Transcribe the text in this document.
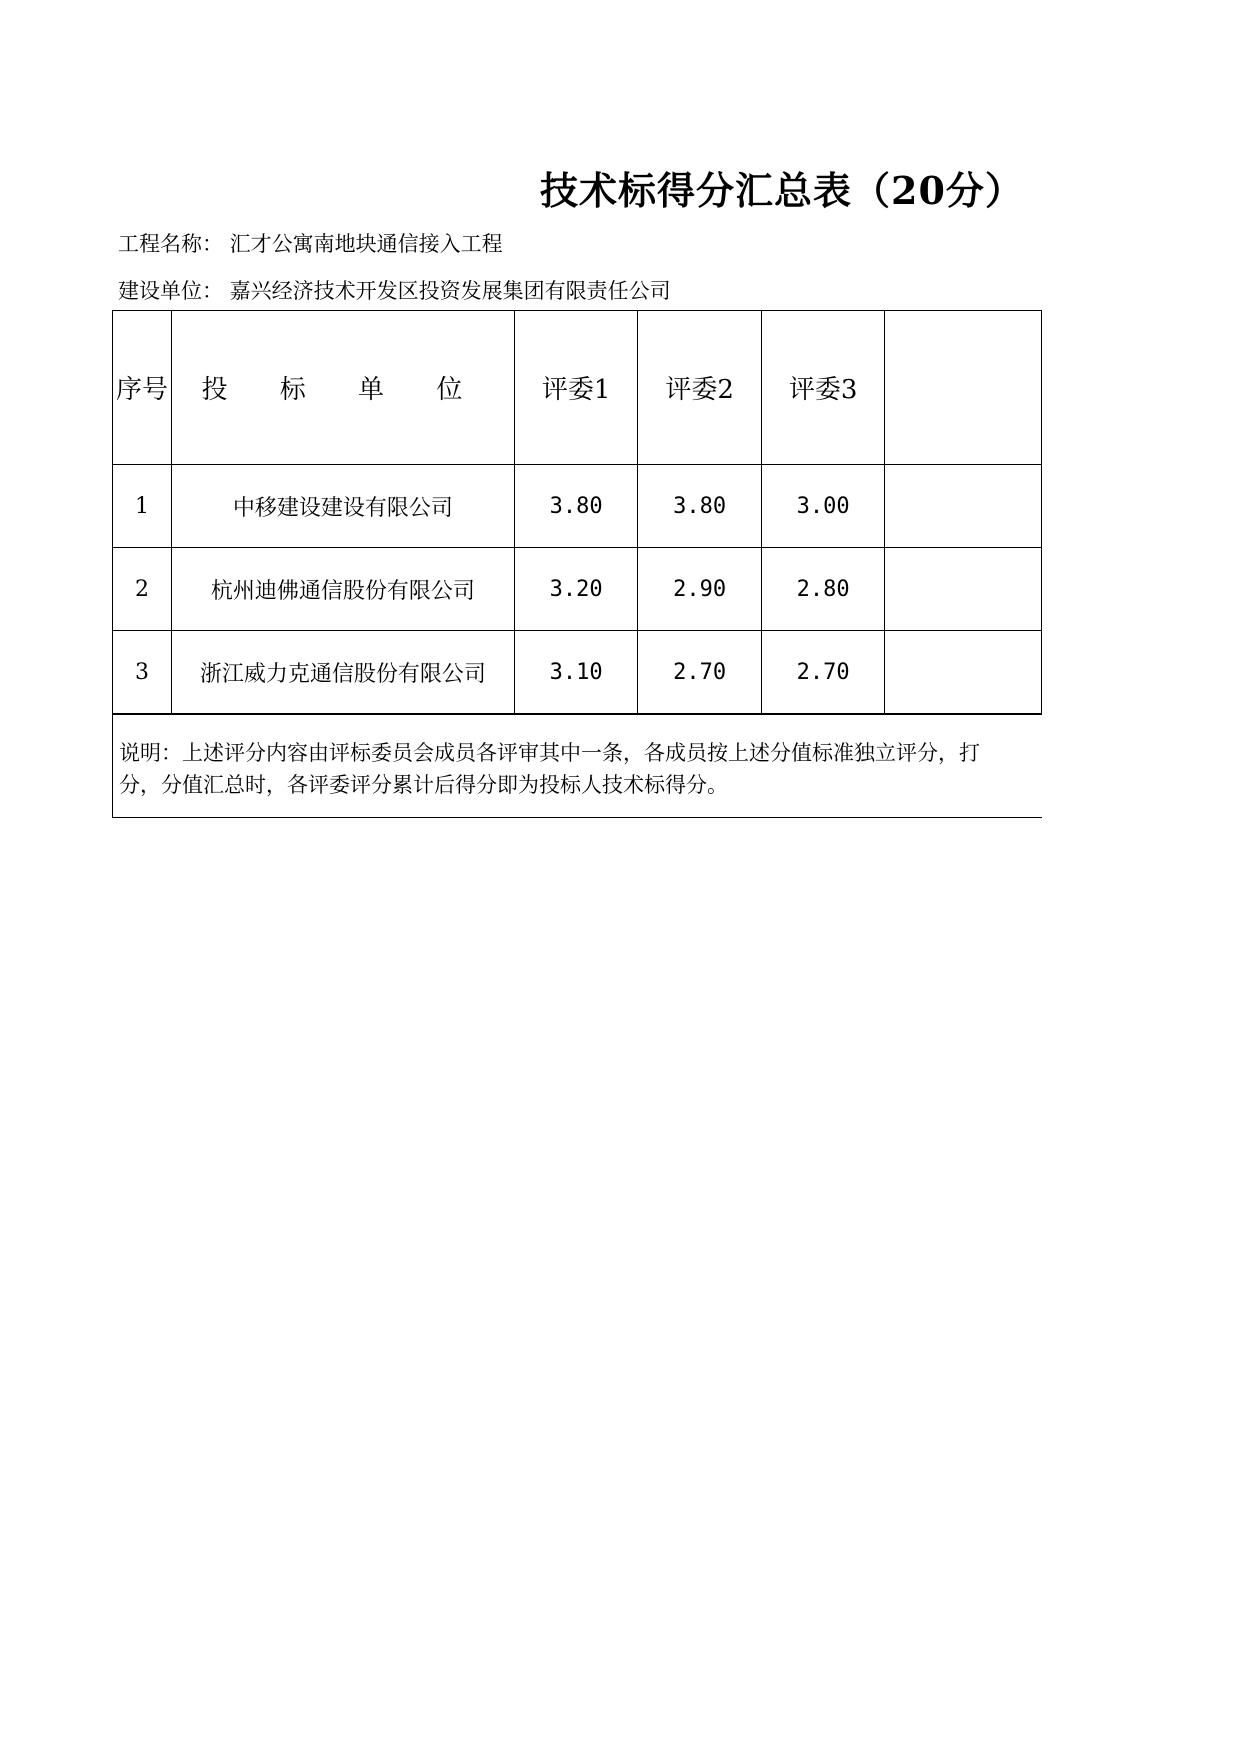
技术标得分汇总表（20分）
工程名称： 汇才公寓南地块通信接入工程
建设单位： 嘉兴经济技术开发区投资发展集团有限责任公司
序号	投 标 单 位	评委1	评委2	评委3	
1	中移建设建设有限公司	3.80	3.80	3.00	
2	杭州迪佛通信股份有限公司	3.20	2.90	2.80	
3	浙江威力克通信股份有限公司	3.10	2.70	2.70	
说明：上述评分内容由评标委员会成员各评审其中一条，各成员按上述分值标准独立评分，打
分，分值汇总时，各评委评分累计后得分即为投标人技术标得分。
